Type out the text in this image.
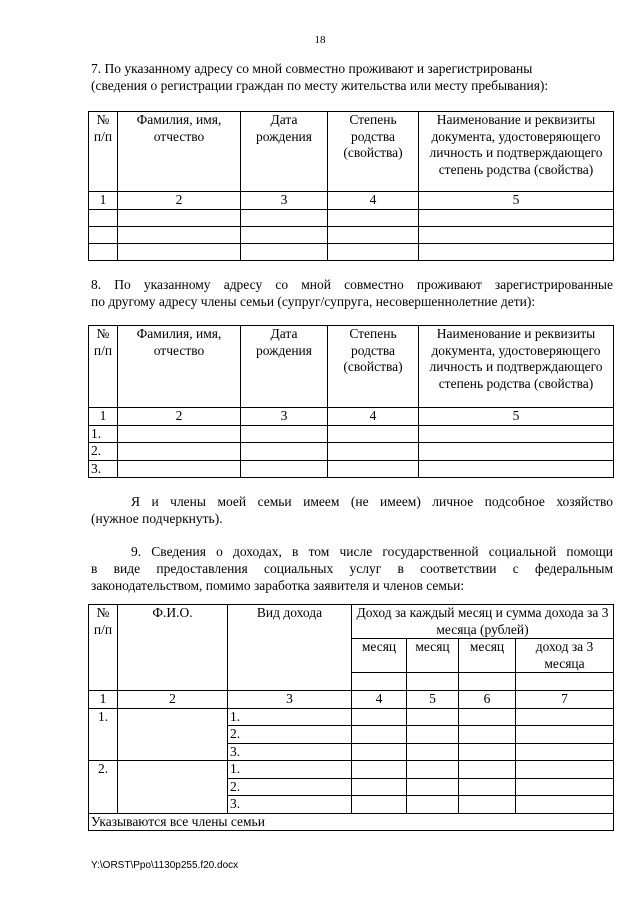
18
7. По указанному адресу со мной совместно проживают и зарегистрированы
(сведения о регистрации граждан по месту жительства или месту пребывания):
№ п/п	Фамилия, имя, отчество	Дата рождения	Степень родства (свойства)	Наименование и реквизиты документа, удостоверяющего личность и подтверждающего степень родства (свойства)
1	2	3	4	5

8. По указанному адресу со мной совместно проживают зарегистрированные
по другому адресу члены семьи (супруг/супруга, несовершеннолетние дети):
№ п/п	Фамилия, имя, отчество	Дата рождения	Степень родства (свойства)	Наименование и реквизиты документа, удостоверяющего личность и подтверждающего степень родства (свойства)
1	2	3	4	5
1.				
2.				
3.				
Я и члены моей семьи имеем (не имеем) личное подсобное хозяйство
(нужное подчеркнуть).
9. Сведения о доходах, в том числе государственной социальной помощи
в виде предоставления социальных услуг в соответствии с федеральным
законодательством, помимо заработка заявителя и членов семьи:
№ п/п	Ф.И.О.	Вид дохода	Доход за каждый месяц и сумма дохода за 3 месяца (рублей)			
			месяц	месяц	месяц	доход за 3 месяца

1	2	3	4	5	6	7
1.		1.				
		2.				
		3.				
2.		1.				
		2.				
		3.				
Указываются все члены семьи						
Y:\ORST\Ppo\1130p255.f20.docx
